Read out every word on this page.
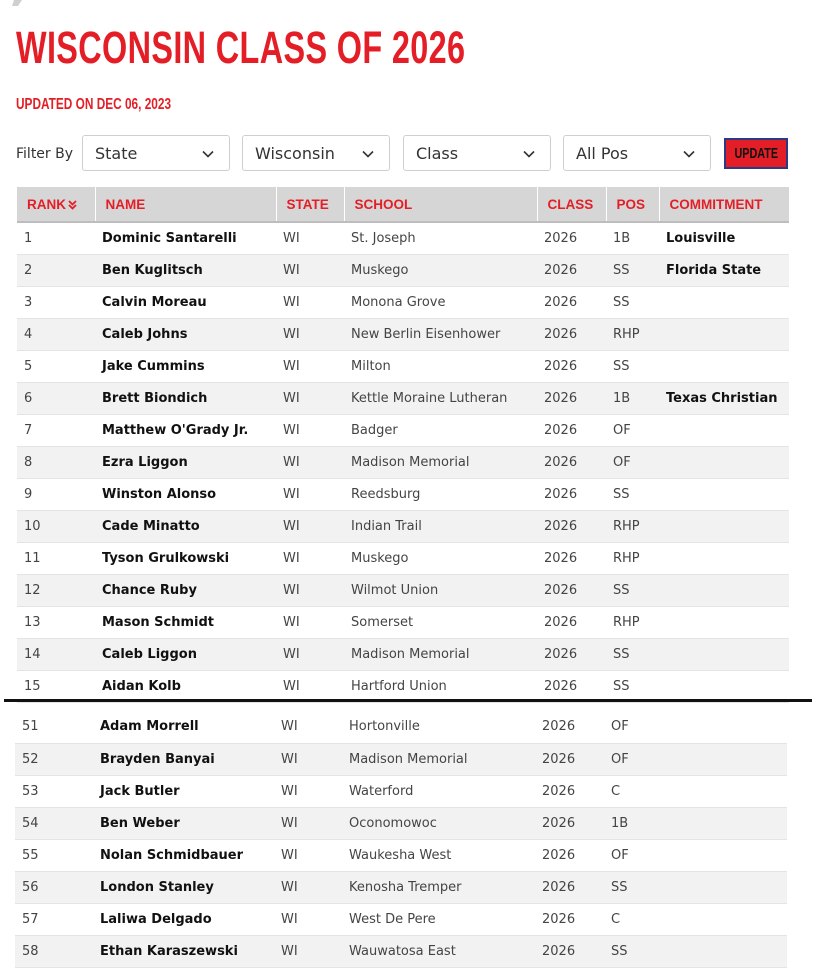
WISCONSIN CLASS OF 2026

UPDATED ON DEC 06, 2023

Filter By State	Wisconsin	Class	All Pos	UPDATE
RANK	NAME	STATE	SCHOOL	CLASS	POS	COMMITMENT
1	Dominic Santarelli	WI	St. Joseph	2026	1B	Louisville
2	Ben Kuglitsch	WI	Muskego	2026	SS	Florida State
3	Calvin Moreau	WI	Monona Grove	2026	SS	
4	Caleb Johns	WI	New Berlin Eisenhower	2026	RHP	
5	Jake Cummins	WI	Milton	2026	SS	
6	Brett Biondich	WI	Kettle Moraine Lutheran	2026	1B	Texas Christian
7	Matthew O'Grady Jr.	WI	Badger	2026	OF	
8	Ezra Liggon	WI	Madison Memorial	2026	OF	
9	Winston Alonso	WI	Reedsburg	2026	SS	
10	Cade Minatto	WI	Indian Trail	2026	RHP	
11	Tyson Grulkowski	WI	Muskego	2026	RHP	
12	Chance Ruby	WI	Wilmot Union	2026	SS	
13	Mason Schmidt	WI	Somerset	2026	RHP	
14	Caleb Liggon	WI	Madison Memorial	2026	SS	
15	Aidan Kolb	WI	Hartford Union	2026	SS	
51	Adam Morrell	WI	Hortonville	2026	OF	
52	Brayden Banyai	WI	Madison Memorial	2026	OF	
53	Jack Butler	WI	Waterford	2026	C	
54	Ben Weber	WI	Oconomowoc	2026	1B	
55	Nolan Schmidbauer	WI	Waukesha West	2026	OF	
56	London Stanley	WI	Kenosha Tremper	2026	SS	
57	Laliwa Delgado	WI	West De Pere	2026	C	
58	Ethan Karaszewski	WI	Wauwatosa East	2026	SS	
